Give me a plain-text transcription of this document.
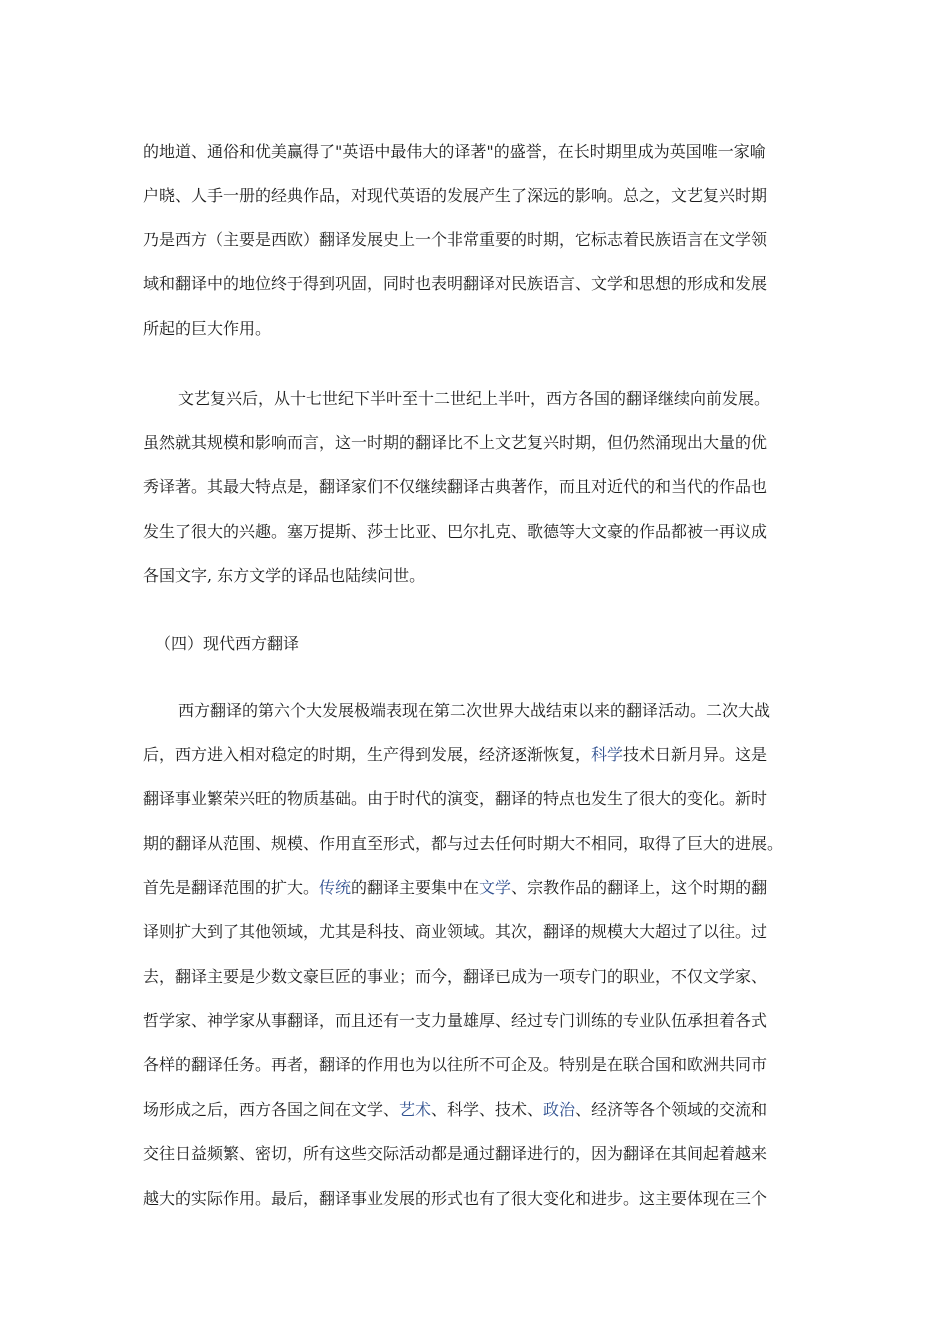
的地道、通俗和优美赢得了"英语中最伟大的译著"的盛誉，在长时期里成为英国唯一家喻
户晓、人手一册的经典作品，对现代英语的发展产生了深远的影响。总之，文艺复兴时期
乃是西方（主要是西欧）翻译发展史上一个非常重要的时期，它标志着民族语言在文学领
域和翻译中的地位终于得到巩固，同时也表明翻译对民族语言、文学和思想的形成和发展
所起的巨大作用。
文艺复兴后，从十七世纪下半叶至十二世纪上半叶，西方各国的翻译继续向前发展。
虽然就其规模和影响而言，这一时期的翻译比不上文艺复兴时期，但仍然涌现出大量的优
秀译著。其最大特点是，翻译家们不仅继续翻译古典著作，而且对近代的和当代的作品也
发生了很大的兴趣。塞万提斯、莎士比亚、巴尔扎克、歌德等大文豪的作品都被一再议成
各国文字, 东方文学的译品也陆续问世。
（四）现代西方翻译
西方翻译的第六个大发展极端表现在第二次世界大战结束以来的翻译活动。二次大战
后，西方进入相对稳定的时期，生产得到发展，经济逐渐恢复，科学技术日新月异。这是
翻译事业繁荣兴旺的物质基础。由于时代的演变，翻译的特点也发生了很大的变化。新时
期的翻译从范围、规模、作用直至形式，都与过去任何时期大不相同，取得了巨大的进展。
首先是翻译范围的扩大。传统的翻译主要集中在文学、宗教作品的翻译上，这个时期的翻
译则扩大到了其他领域，尤其是科技、商业领域。其次，翻译的规模大大超过了以往。过
去，翻译主要是少数文豪巨匠的事业；而今，翻译已成为一项专门的职业，不仅文学家、
哲学家、神学家从事翻译，而且还有一支力量雄厚、经过专门训练的专业队伍承担着各式
各样的翻译任务。再者，翻译的作用也为以往所不可企及。特别是在联合国和欧洲共同市
场形成之后，西方各国之间在文学、艺术、科学、技术、政治、经济等各个领域的交流和
交往日益频繁、密切，所有这些交际活动都是通过翻译进行的，因为翻译在其间起着越来
越大的实际作用。最后，翻译事业发展的形式也有了很大变化和进步。这主要体现在三个
